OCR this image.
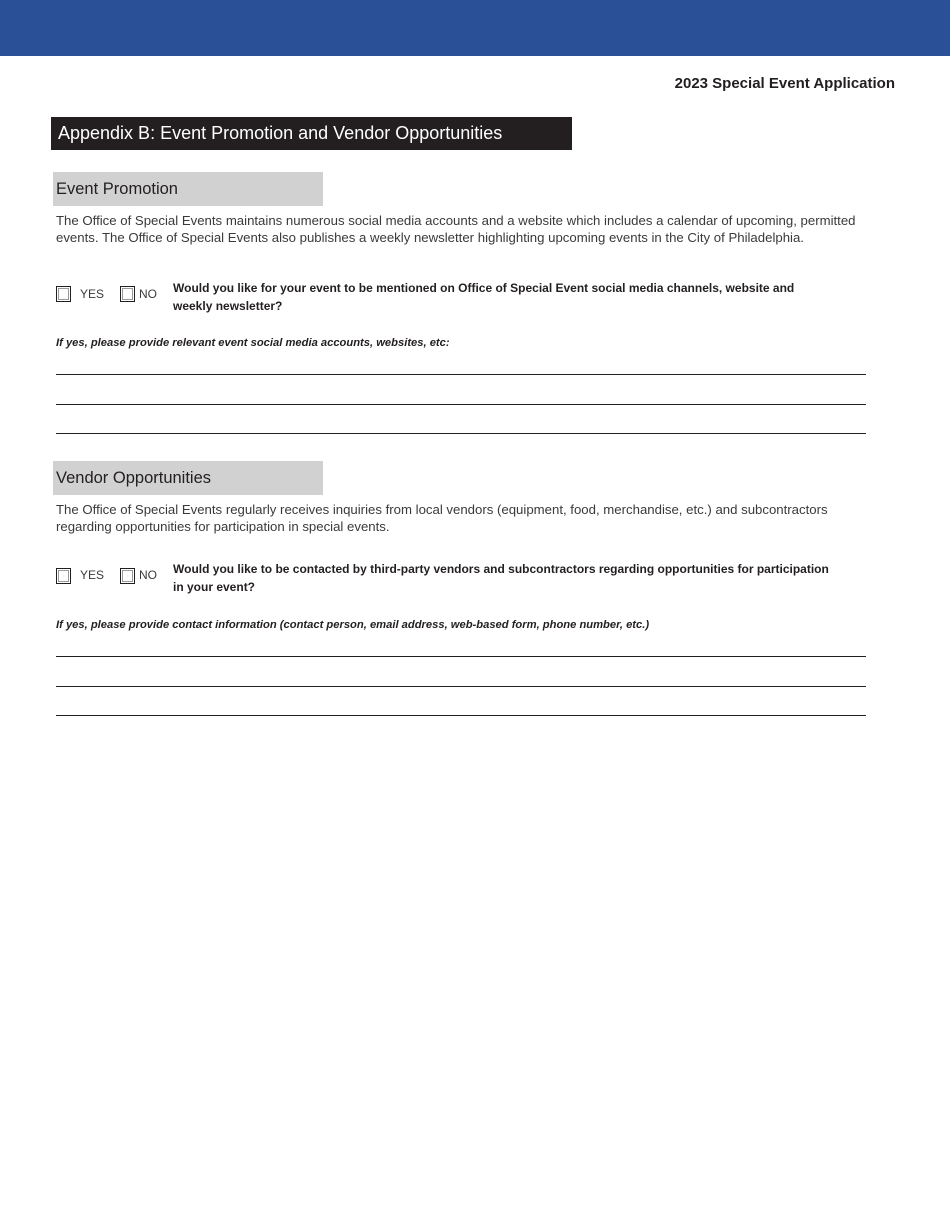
2023 Special Event Application
Appendix B: Event Promotion and Vendor Opportunities
Event Promotion
The Office of Special Events maintains numerous social media accounts and a website which includes a calendar of upcoming, permitted events. The Office of Special Events also publishes a weekly newsletter highlighting upcoming events in the City of Philadelphia.
YES	NO Would you like for your event to be mentioned on Office of Special Event social media channels, website and weekly newsletter?
If yes, please provide relevant event social media accounts, websites, etc:
Vendor Opportunities
The Office of Special Events regularly receives inquiries from local vendors (equipment, food, merchandise, etc.) and subcontractors regarding opportunities for participation in special events.
YES	NO Would you like to be contacted by third-party vendors and subcontractors regarding opportunities for participation in your event?
If yes, please provide contact information (contact person, email address, web-based form, phone number, etc.)
